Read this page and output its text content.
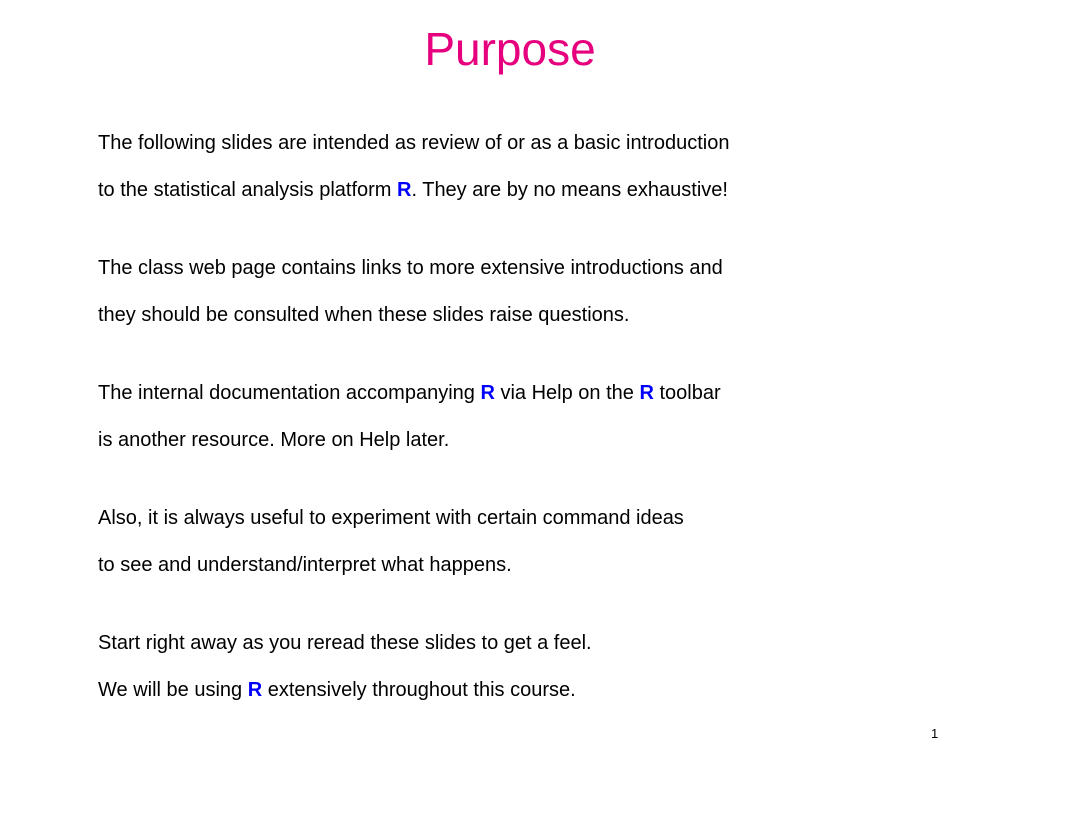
Purpose
The following slides are intended as review of or as a basic introduction
to the statistical analysis platform R. They are by no means exhaustive!
The class web page contains links to more extensive introductions and
they should be consulted when these slides raise questions.
The internal documentation accompanying R via Help on the R toolbar
is another resource. More on Help later.
Also, it is always useful to experiment with certain command ideas
to see and understand/interpret what happens.
Start right away as you reread these slides to get a feel.
We will be using R extensively throughout this course.
1
